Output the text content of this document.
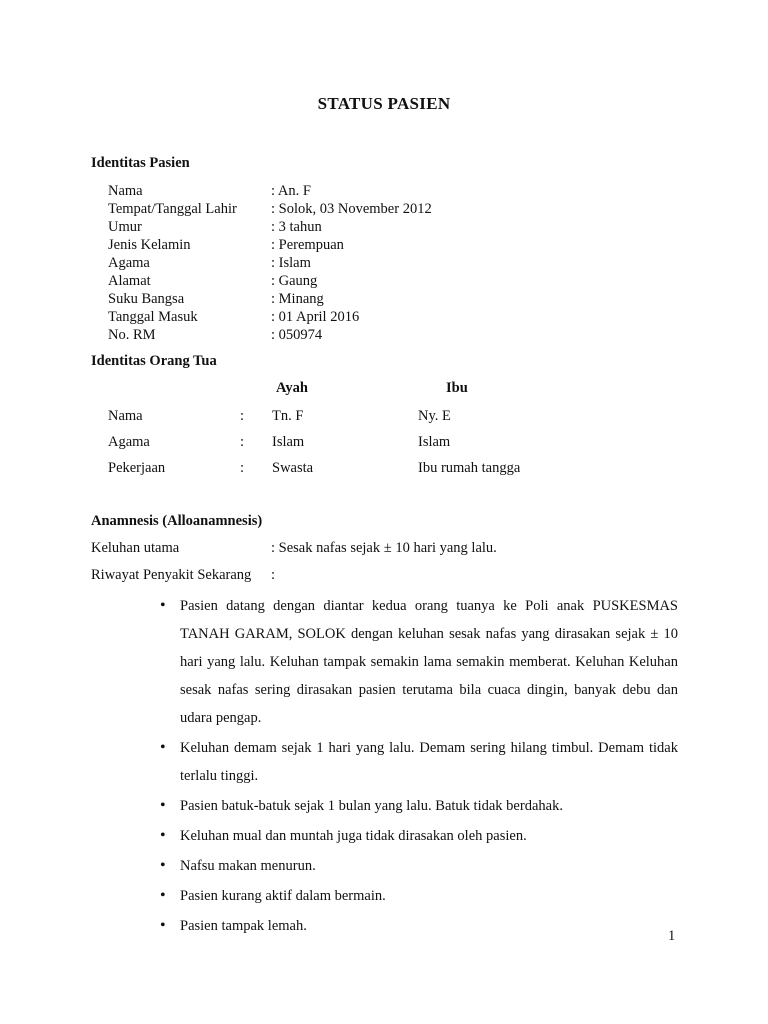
STATUS PASIEN
Identitas Pasien
Nama	: An. F
Tempat/Tanggal Lahir : Solok, 03 November 2012
Umur	: 3 tahun
Jenis Kelamin	: Perempuan
Agama	: Islam
Alamat	: Gaung
Suku Bangsa	: Minang
Tanggal Masuk	: 01 April 2016
No. RM	: 050974
Identitas Orang Tua
Ayah	Ibu
Nama	: Tn. F	Ny. E
Agama	: Islam	Islam
Pekerjaan	: Swasta	Ibu rumah tangga
Anamnesis (Alloanamnesis)
Keluhan utama	: Sesak nafas sejak ± 10 hari yang lalu.
Riwayat Penyakit Sekarang :
• Pasien datang dengan diantar kedua orang tuanya ke Poli anak PUSKESMAS TANAH GARAM, SOLOK dengan keluhan sesak nafas yang dirasakan sejak ± 10 hari yang lalu. Keluhan tampak semakin lama semakin memberat. Keluhan Keluhan sesak nafas sering dirasakan pasien terutama bila cuaca dingin, banyak debu dan udara pengap.
• Keluhan demam sejak 1 hari yang lalu. Demam sering hilang timbul. Demam tidak terlalu tinggi.
• Pasien batuk-batuk sejak 1 bulan yang lalu. Batuk tidak berdahak.
• Keluhan mual dan muntah juga tidak dirasakan oleh pasien.
• Nafsu makan menurun.
• Pasien kurang aktif dalam bermain.
• Pasien tampak lemah.
1
